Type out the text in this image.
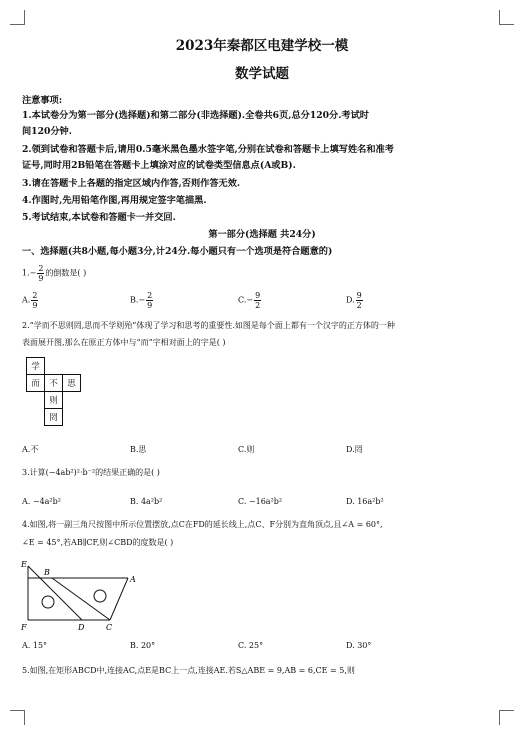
2023年秦都区电建学校一模
数学试题
注意事项:
1.本试卷分为第一部分(选择题)和第二部分(非选择题).全卷共6页,总分120分.考试时
间120分钟.
2.领到试卷和答题卡后,请用0.5毫米黑色墨水签字笔,分别在试卷和答题卡上填写姓名和准考
证号,同时用2B铅笔在答题卡上填涂对应的试卷类型信息点(A或B).
3.请在答题卡上各题的指定区域内作答,否则作答无效.
4.作图时,先用铅笔作图,再用规定签字笔描黑.
5.考试结束,本试卷和答题卡一并交回.
第一部分(选择题 共24分)
一、选择题(共8小题,每小题3分,计24分.每小题只有一个选项是符合题意的)
$1.- \frac{2}{9}$ 的倒数是( )
A. $\frac{2}{9}$	$B.- \frac{2}{9}$	$C.- \frac{9}{2}$	D. $\frac{9}{2}$
2.“学而不思则罔,思而不学则殆”体现了学习和思考的重要性.如图是每个面上都有一个汉字的正方体的一种
表面展开图,那么在原正方体中与“而”字相对面上的字是( )
学		
而	不	思
	则	
	罔	
A.不	B.思	C.则	D.罔
3.计算(−4ab²)²·b⁻²的结果正确的是( )
A. −4a²b²	B. 4a²b²	C. −16a²b²	D. 16a²b²
4.如图,将一副三角尺按图中所示位置摆放,点C在FD的延长线上,点C、F分别为直角顶点,且∠A = 60°,
∠E = 45°,若AB∥CF,则∠CBD的度数是( )
E
B
A
F	D	C
A. 15°	B. 20°	C. 25°	D. 30°
5.如图,在矩形ABCD中,连接AC,点E是BC上一点,连接AE.若S△ABE = 9,AB = 6,CE = 5,则
